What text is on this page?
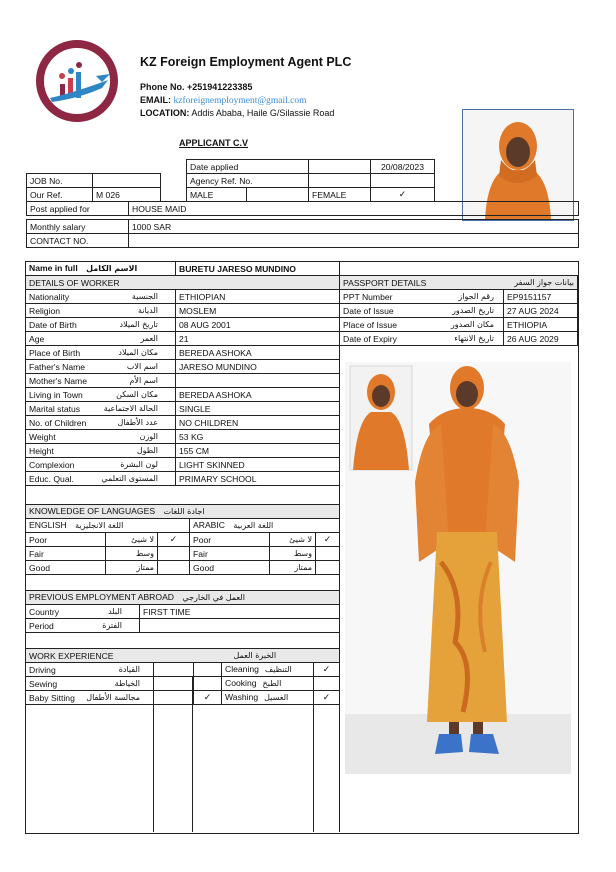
KZ Foreign Employment Agent PLC
Phone No. +251941223385
EMAIL: kzforeignemployment@gmail.com
LOCATION: Addis Ababa, Haile G/Silassie Road
APPLICANT C.V
Date applied		20/08/2023
Agency Ref. No.		
JOB No.	
Our Ref.	M 026	MALE		FEMALE	✓
Post applied for	HOUSE MAID
Monthly salary	1000 SAR
CONTACT NO.	
Name in full الاسم الكامل	BURETU JARESO MUNDINO
DETAILS OF WORKER	
Nationality الجنسية	ETHIOPIAN
Religion الديانة	MOSLEM
Date of Birth تاريخ الميلاد	08 AUG 2001
Age العمر	21
Place of Birth مكان الميلاد	BEREDA ASHOKA
Father's Name اسم الاب	JARESO MUNDINO
Mother's Name اسم الأم	

Living in Town مكان السكن	BEREDA ASHOKA
Marital status الحالة الاجتماعية	SINGLE
No. of Children عدد الأطفال	NO CHILDREN
Weight الوزن	53 KG
Height الطول	155 CM
Complexion لون البشرة	LIGHT SKINNED
Educ. Qual. المستوى التعلمي	PRIMARY SCHOOL
PASSPORT DETAILS بيانات جواز السفر	

PPT Number رقم الجواز	EP9151157
Date of Issue تاريخ الصدور	27 AUG 2024
Place of Issue مكان الصدور	ETHIOPIA
Date of Expiry تاريخ الانتهاء	26 AUG 2029
KNOWLEDGE OF LANGUAGES اجادة اللغات					
ENGLISH اللغة الانجليزية			ARABIC اللغة العربية		
Poor	لا شيئ	✓	Poor	لا شيئ	✓
Fair	وسط		Fair	وسط	
Good	ممتاز		Good	ممتاز	
PREVIOUS EMPLOYMENT ABROAD العمل في الخارجي	
Country البلد	FIRST TIME
Period الفترة	

WORK EXPERIENCE الخبرة العمل				

Driving القيادة			Cleaning التنظيف	✓
Sewing الخياطة			Cooking الطبخ	
Baby Sitting مجالسة الأطفال		✓	Washing الغسيل	✓
